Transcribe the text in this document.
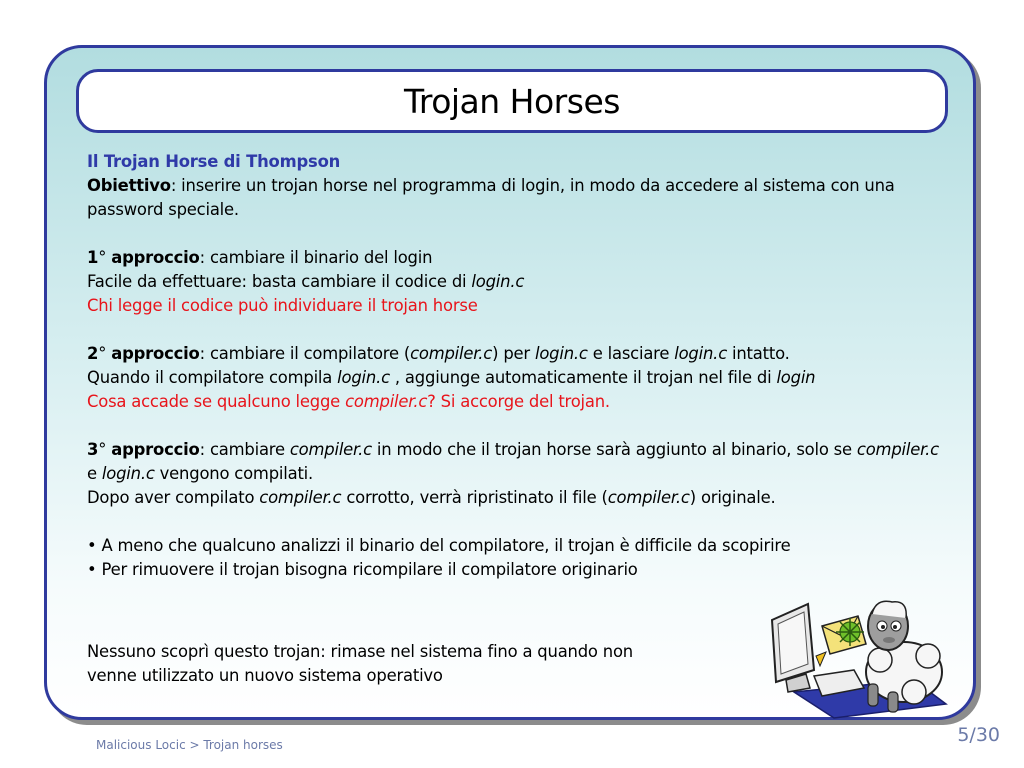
Trojan Horses

Il Trojan Horse di Thompson

Obiettivo: inserire un trojan horse nel programma di login, in modo da accedere al sistema con una password speciale.

1° approccio: cambiare il binario del login

Facile da effettuare: basta cambiare il codice di login.c

Chi legge il codice può individuare il trojan horse

2° approccio: cambiare il compilatore (compiler.c) per login.c e lasciare login.c intatto.
Quando il compilatore compila login.c , aggiunge automaticamente il trojan nel file di login

Cosa accade se qualcuno legge compiler.c? Si accorge del trojan.

3° approccio: cambiare compiler.c in modo che il trojan horse sarà aggiunto al binario, solo se compiler.c e login.c vengono compilati.
Dopo aver compilato compiler.c corrotto, verrà ripristinato il file (compiler.c) originale.

• A meno che qualcuno analizzi il binario del compilatore, il trojan è difficile da scopirire

• Per rimuovere il trojan bisogna ricompilare il compilatore originario

Nessuno scoprì questo trojan: rimase nel sistema fino a quando non

venne utilizzato un nuovo sistema operativo

Malicious Locic > Trojan horses	5/30
